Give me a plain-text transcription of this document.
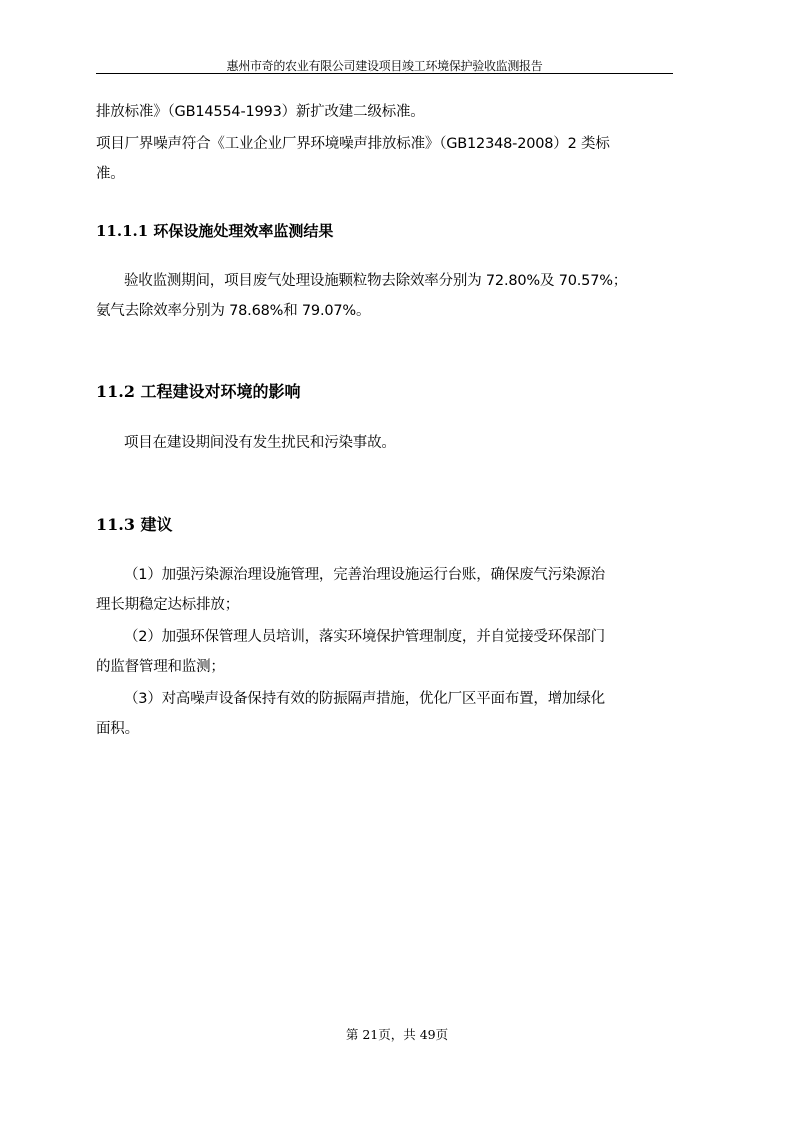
惠州市奇的农业有限公司建设项目竣工环境保护验收监测报告
排放标准》（GB14554-1993）新扩改建二级标准。
项目厂界噪声符合《工业企业厂界环境噪声排放标准》（GB12348-2008）2 类标
准。
11.1.1 环保设施处理效率监测结果
验收监测期间，项目废气处理设施颗粒物去除效率分别为 72.80%及 70.57%；
氨气去除效率分别为 78.68%和 79.07%。
11.2 工程建设对环境的影响
项目在建设期间没有发生扰民和污染事故。
11.3 建议
（1）加强污染源治理设施管理，完善治理设施运行台账，确保废气污染源治
理长期稳定达标排放；
（2）加强环保管理人员培训，落实环境保护管理制度，并自觉接受环保部门
的监督管理和监测；
（3）对高噪声设备保持有效的防振隔声措施，优化厂区平面布置，增加绿化
面积。
第 21页，共 49页
